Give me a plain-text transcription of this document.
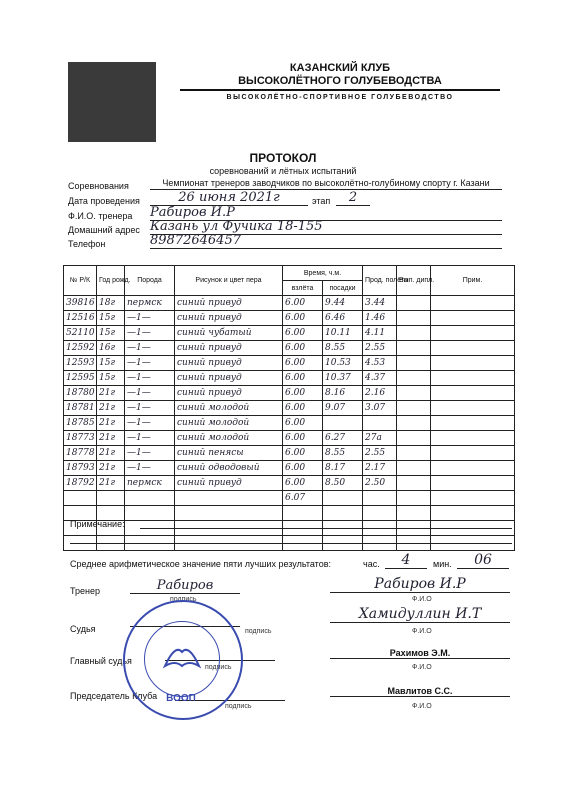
КАЗАНСКИЙ КЛУБ
ВЫСОКОЛЁТНОГО ГОЛУБЕВОДСТВА
ВЫСОКОЛЁТНО-СПОРТИВНОЕ ГОЛУБЕВОДСТВО
ПРОТОКОЛ
соревнований и лётных испытаний
Соревнования	Чемпионат тренеров заводчиков по высоколётно-голубиному спорту г. Казани
Дата проведения	26 июня 2021г	этап	2
Ф.И.О. тренера Рабиров И.Р
Домашний адрес Казань ул Фучика 18-155
Телефон	89872646457
№ Р/К	Год рожд.	Порода	Рисунок и цвет пера	Время, ч.м.		Прод. полёта	Вып. дипл.	Прим.
				взлёта	посадки			
39816	18г	пермск	синий привуд	6.00	9.44	3.44		
12516	15г	—1—	синий привуд	6.00	6.46	1.46		
52110	15г	—1—	синий чубатый	6.00	10.11	4.11		
12592	16г	—1—	синий привуд	6.00	8.55	2.55		
12593	15г	—1—	синий привуд	6.00	10.53	4.53		
12595	15г	—1—	синий привуд	6.00	10.37	4.37		
18780	21г	—1—	синий привуд	6.00	8.16	2.16		
18781	21г	—1—	синий молодой	6.00	9.07	3.07		
18785	21г	—1—	синий молодой	6.00				
18773	21г	—1—	синий молодой	6.00	6.27	27а		
18778	21г	—1—	синий пенясы	6.00	8.55	2.55		
18793	21г	—1—	синий одводовый	6.00	8.17	2.17		
18792	21г	пермск	синий привуд	6.00	8.50	2.50		
				6.07				

Примечание:
Среднее арифметическое значение пяти лучших результатов:	час.	4	мин.	06
Тренер	Рабиров
подпись
Рабиров И.Р
Ф.И.О
Судья	подпись
Хамидуллин И.Т
Ф.И.О
Главный судья
подпись
Рахимов Э.М.
Ф.И.О
Председатель Клуба
подпись
Мавлитов С.С.
Ф.И.О
ВООП
